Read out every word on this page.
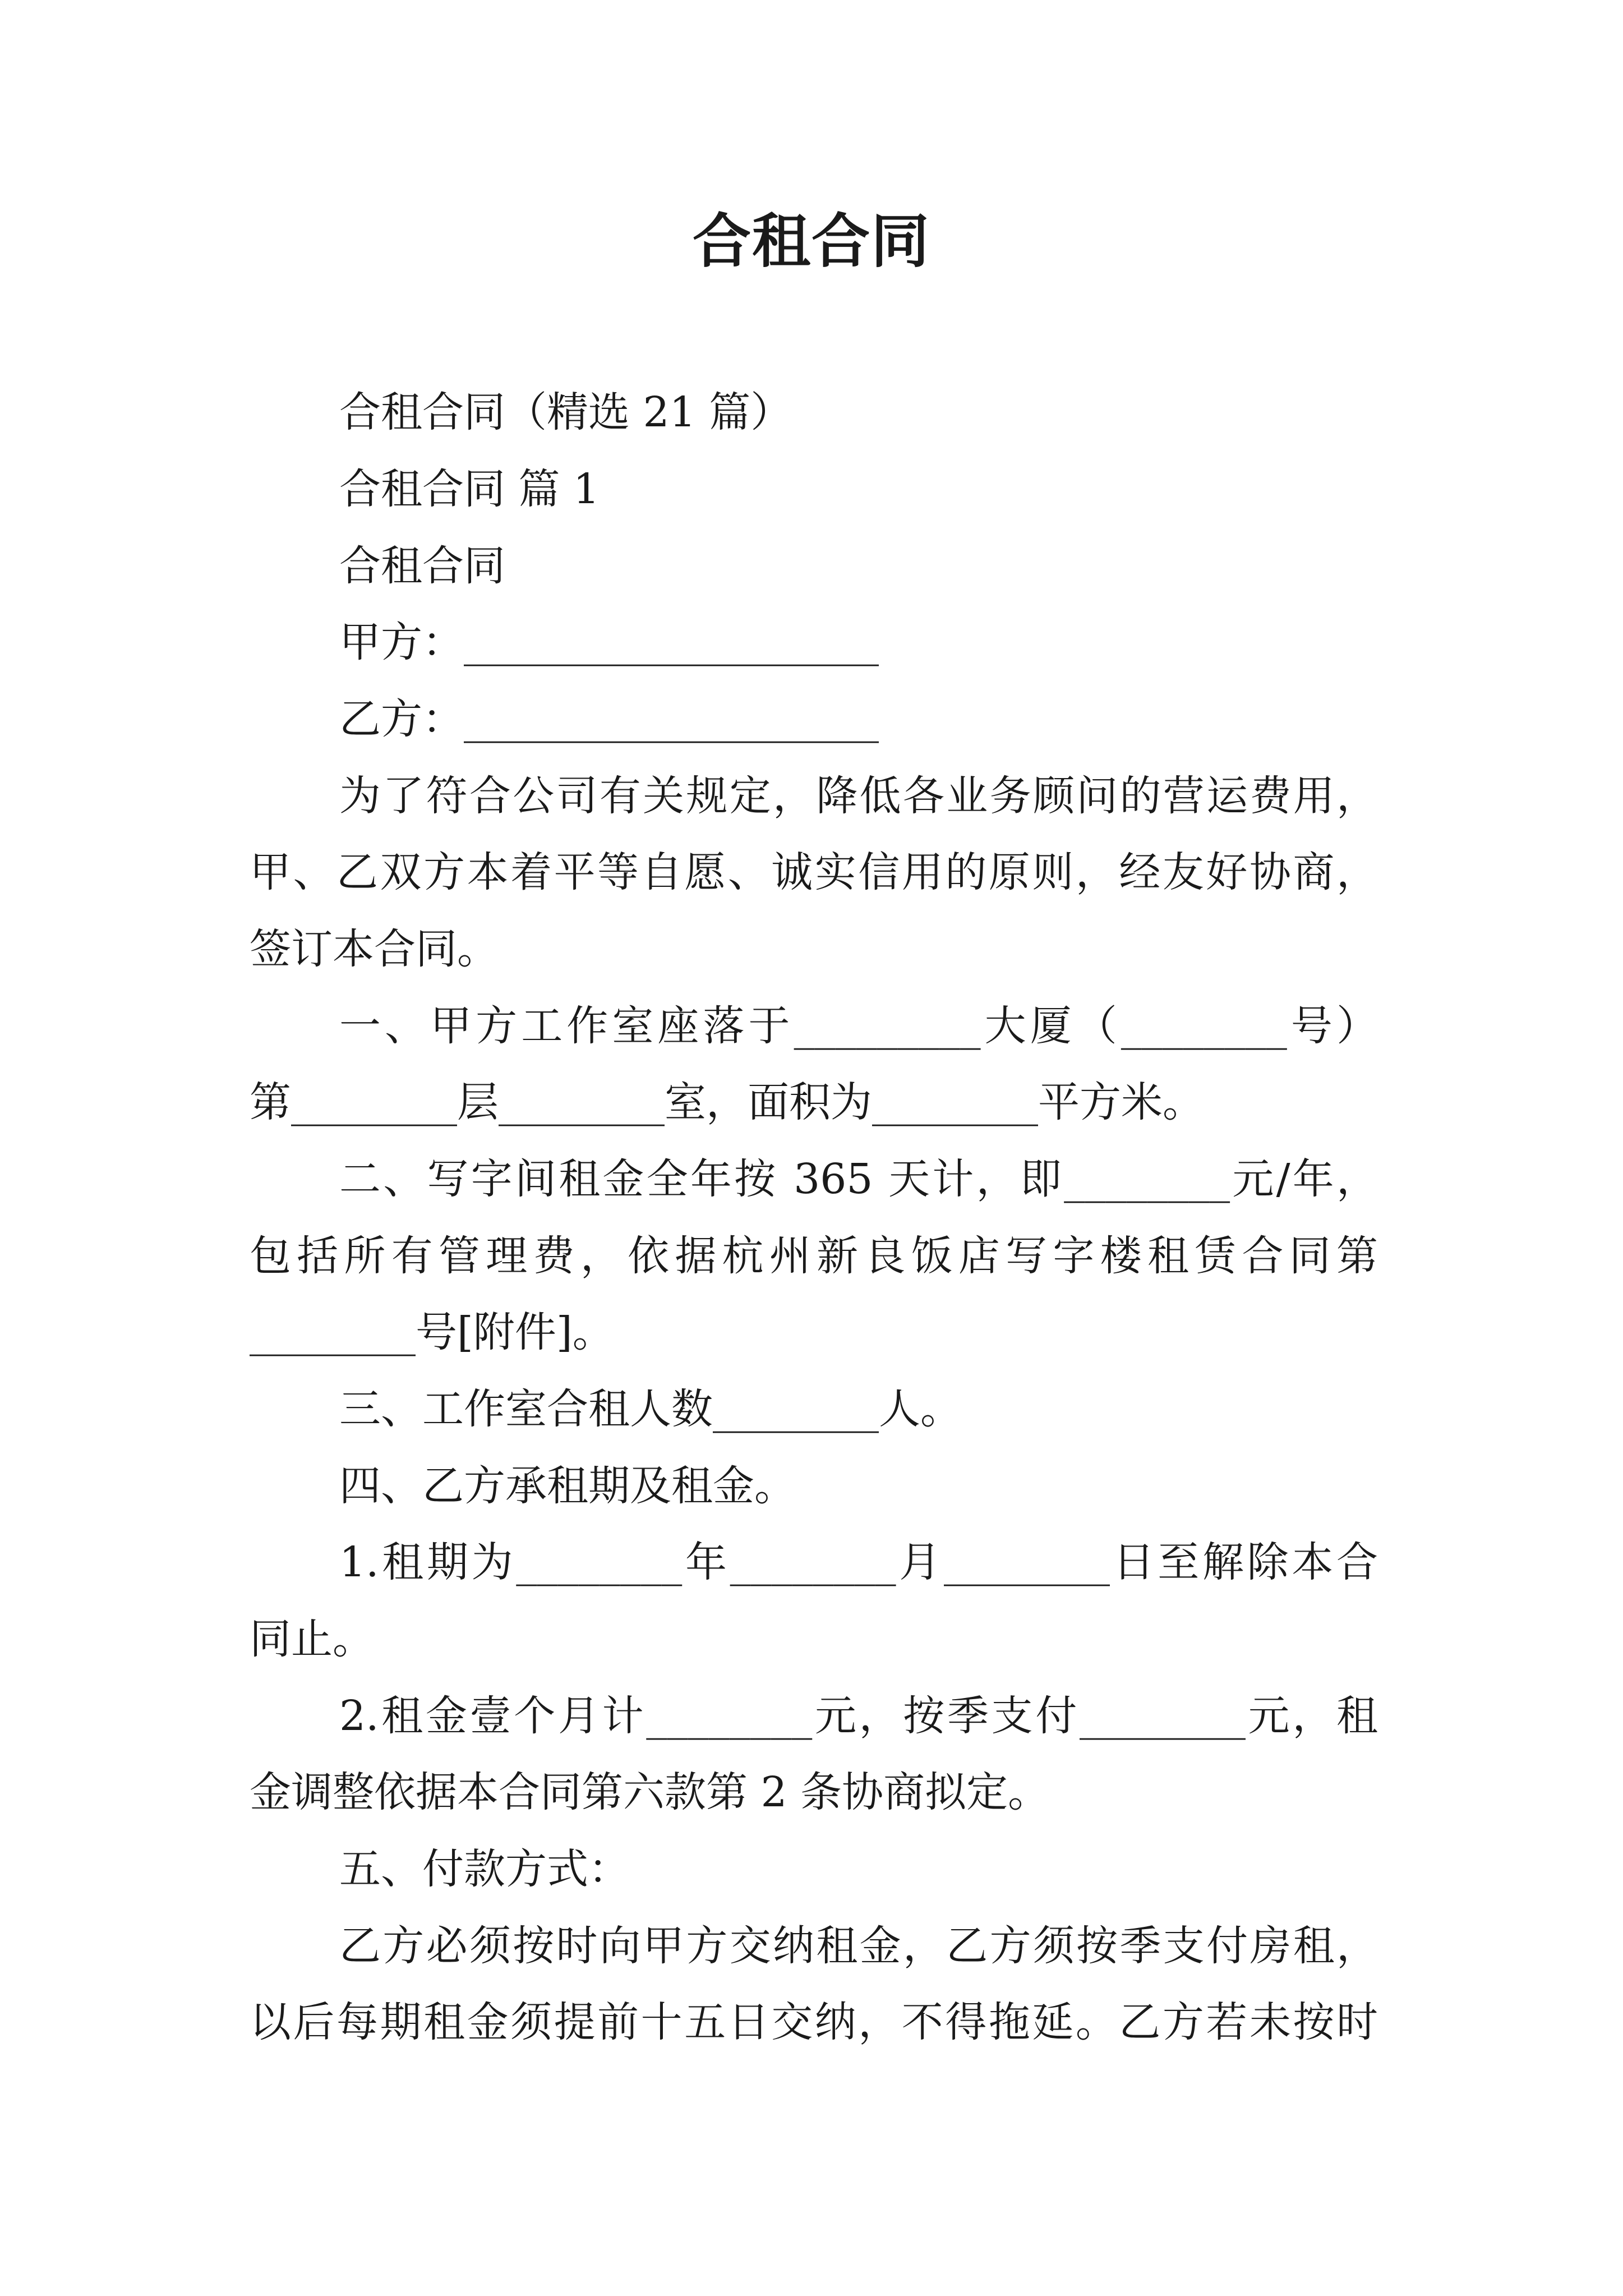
合租合同
合租合同（精选 21 篇）
合租合同 篇 1
合租合同
甲方：____________________
乙方：____________________
为了符合公司有关规定，降低各业务顾问的营运费用，
甲、乙双方本着平等自愿、诚实信用的原则，经友好协商，
签订本合同。
一、甲方工作室座落于_________大厦（________号）
第________层________室，面积为________平方米。
二、写字间租金全年按 365 天计，即________元/年，
包括所有管理费，依据杭州新良饭店写字楼租赁合同第
________号[附件]。
三、工作室合租人数________人。
四、乙方承租期及租金。
1.租期为________年________月________日至解除本合
同止。
2.租金壹个月计________元，按季支付________元，租
金调整依据本合同第六款第 2 条协商拟定。
五、付款方式：
乙方必须按时向甲方交纳租金，乙方须按季支付房租，
以后每期租金须提前十五日交纳，不得拖延。乙方若未按时
